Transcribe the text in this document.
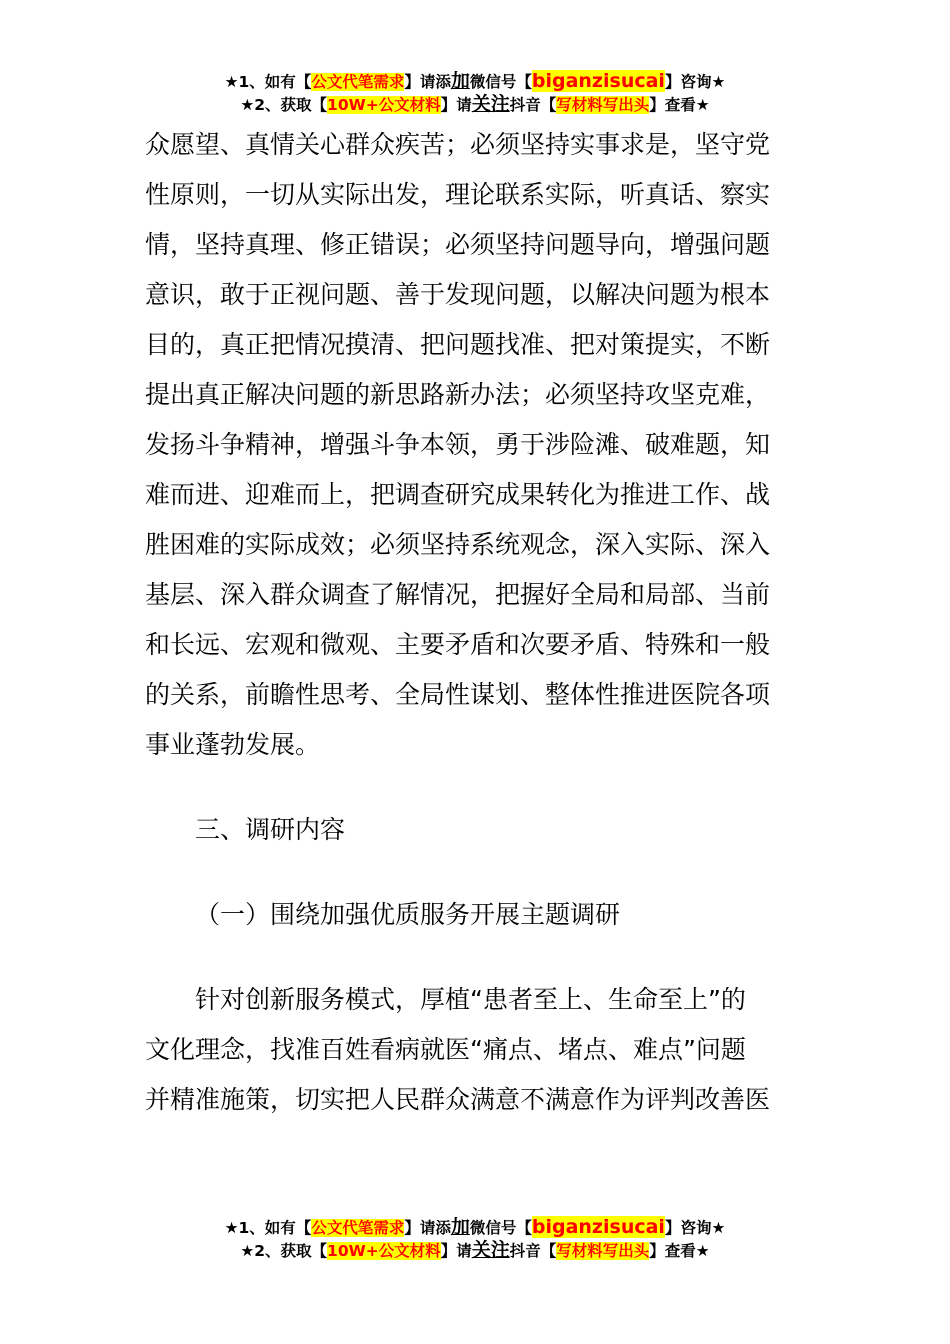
★1、如有【公文代笔需求】请添加微信号【biganzisucai】咨询★
★2、获取【10W+公文材料】请关注抖音【写材料写出头】查看★
众愿望、真情关心群众疾苦；必须坚持实事求是，坚守党
性原则，一切从实际出发，理论联系实际，听真话、察实
情，坚持真理、修正错误；必须坚持问题导向，增强问题
意识，敢于正视问题、善于发现问题，以解决问题为根本
目的，真正把情况摸清、把问题找准、把对策提实，不断
提出真正解决问题的新思路新办法；必须坚持攻坚克难，
发扬斗争精神，增强斗争本领，勇于涉险滩、破难题，知
难而进、迎难而上，把调查研究成果转化为推进工作、战
胜困难的实际成效；必须坚持系统观念，深入实际、深入
基层、深入群众调查了解情况，把握好全局和局部、当前
和长远、宏观和微观、主要矛盾和次要矛盾、特殊和一般
的关系，前瞻性思考、全局性谋划、整体性推进医院各项
事业蓬勃发展。
三、调研内容
（一）围绕加强优质服务开展主题调研
针对创新服务模式，厚植“患者至上、生命至上”的
文化理念，找准百姓看病就医“痛点、堵点、难点”问题
并精准施策，切实把人民群众满意不满意作为评判改善医
★1、如有【公文代笔需求】请添加微信号【biganzisucai】咨询★
★2、获取【10W+公文材料】请关注抖音【写材料写出头】查看★
